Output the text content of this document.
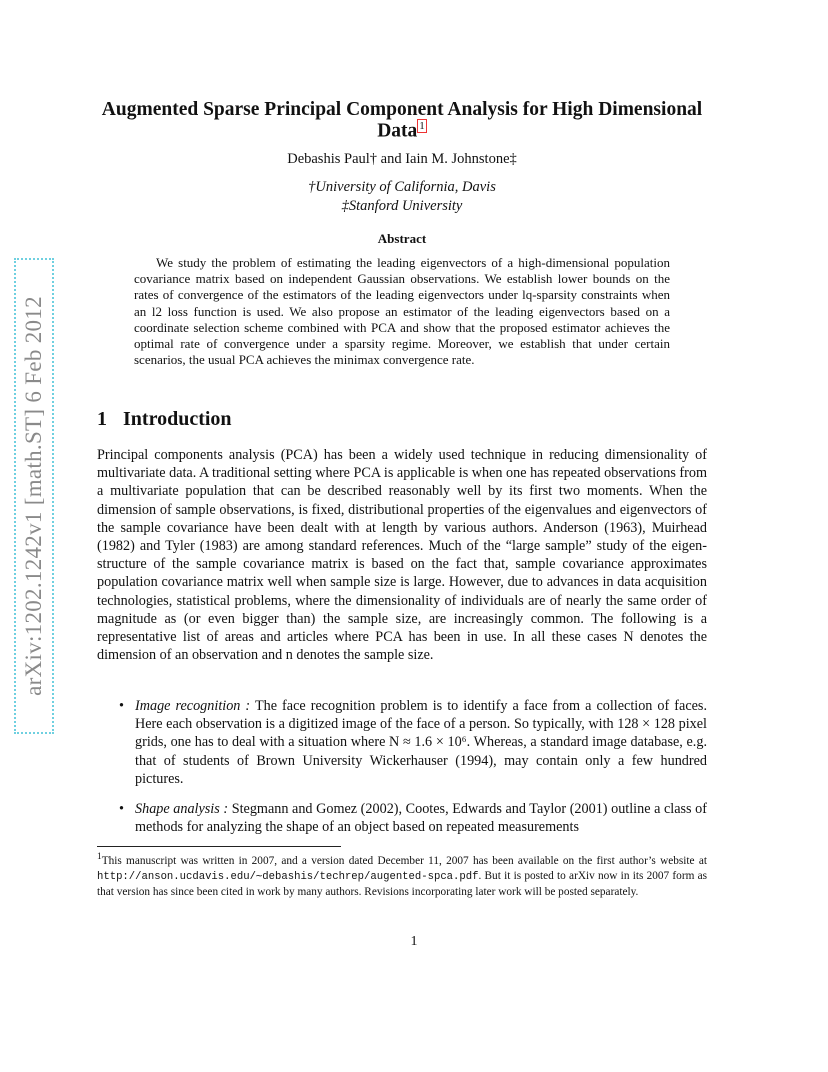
arXiv:1202.1242v1 [math.ST] 6 Feb 2012
Augmented Sparse Principal Component Analysis for High Dimensional Data 1
Debashis Paul† and Iain M. Johnstone‡
†University of California, Davis
‡Stanford University
Abstract

We study the problem of estimating the leading eigenvectors of a high-dimensional population covariance matrix based on independent Gaussian observations. We establish lower bounds on the rates of convergence of the estimators of the leading eigenvectors under lq-sparsity constraints when an l2 loss function is used. We also propose an estimator of the leading eigenvectors based on a coordinate selection scheme combined with PCA and show that the proposed estimator achieves the optimal rate of convergence under a sparsity regime. Moreover, we establish that under certain scenarios, the usual PCA achieves the minimax convergence rate.

1 Introduction

Principal components analysis (PCA) has been a widely used technique in reducing dimensionality of multivariate data. A traditional setting where PCA is applicable is when one has repeated observations from a multivariate population that can be described reasonably well by its first two moments. When the dimension of sample observations, is fixed, distributional properties of the eigenvalues and eigenvectors of the sample covariance have been dealt with at length by various authors. Anderson (1963), Muirhead (1982) and Tyler (1983) are among standard references. Much of the “large sample” study of the eigen-structure of the sample covariance matrix is based on the fact that, sample covariance approximates population covariance matrix well when sample size is large. However, due to advances in data acquisition technologies, statistical problems, where the dimensionality of individuals are of nearly the same order of magnitude as (or even bigger than) the sample size, are increasingly common. The following is a representative list of areas and articles where PCA has been in use. In all these cases N denotes the dimension of an observation and n denotes the sample size.

• Image recognition : The face recognition problem is to identify a face from a collection of faces. Here each observation is a digitized image of the face of a person. So typically, with 128 × 128 pixel grids, one has to deal with a situation where N ≈ 1.6 × 10⁶. Whereas, a standard image database, e.g. that of students of Brown University Wickerhauser (1994), may contain only a few hundred pictures.
• Shape analysis : Stegmann and Gomez (2002), Cootes, Edwards and Taylor (2001) outline a class of methods for analyzing the shape of an object based on repeated measurements

$^1$This manuscript was written in 2007, and a version dated December 11, 2007 has been available on the first author’s website at http://anson.ucdavis.edu/∼debashis/techrep/augented-spca.pdf. But it is posted to arXiv now in its 2007 form as that version has since been cited in work by many authors. Revisions incorporating later work will be posted separately.

1
